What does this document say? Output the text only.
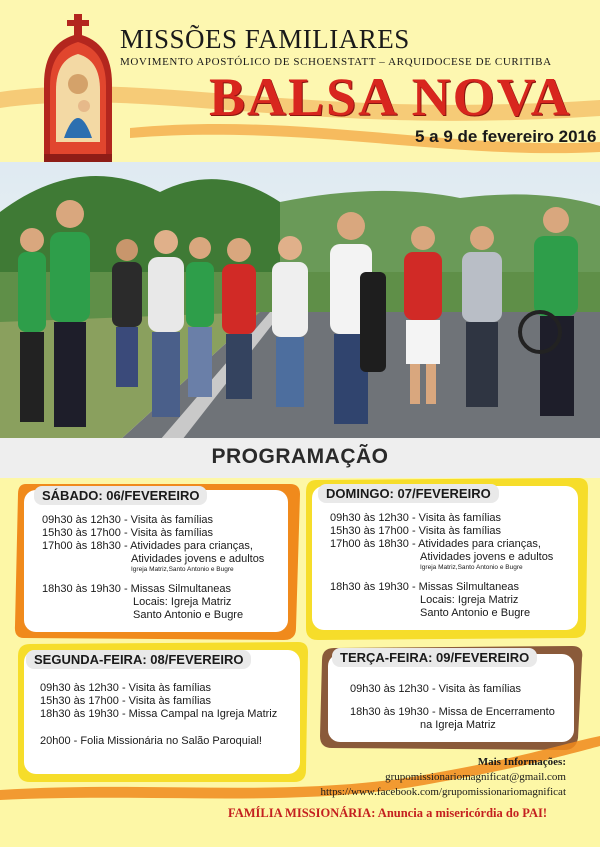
MISSÕES FAMILIARES
MOVIMENTO APOSTÓLICO DE SCHOENSTATT – ARQUIDOCESE DE CURITIBA
BALSA NOVA
5 a 9 de fevereiro 2016
PROGRAMAÇÃO
SÁBADO: 06/FEVEREIRO
09h30 às 12h30 - Visita às famílias
15h30 às 17h00 - Visita às famílias
17h00 às 18h30 - Atividades para crianças,
Atividades jovens e adultos
Igreja Matriz,Santo Antonio e Bugre
18h30 às 19h30 - Missas Silmultaneas
Locais: Igreja Matriz
Santo Antonio e Bugre
DOMINGO: 07/FEVEREIRO
09h30 às 12h30 - Visita às famílias
15h30 às 17h00 - Visita às famílias
17h00 às 18h30 - Atividades para crianças,
Atividades jovens e adultos
Igreja Matriz,Santo Antonio e Bugre
18h30 às 19h30 - Missas Silmultaneas
Locais: Igreja Matriz
Santo Antonio e Bugre
SEGUNDA-FEIRA: 08/FEVEREIRO
09h30 às 12h30 - Visita às famílias
15h30 às 17h00 - Visita às famílias
18h30 às 19h30 - Missa Campal na Igreja Matriz
20h00 - Folia Missionária no Salão Paroquial!
TERÇA-FEIRA: 09/FEVEREIRO
09h30 às 12h30 - Visita às famílias
18h30 às 19h30 - Missa de Encerramento
na Igreja Matriz
Mais Informações:
grupomissionariomagnificat@gmail.com
https://www.facebook.com/grupomissionariomagnificat
FAMÍLIA MISSIONÁRIA: Anuncia a misericórdia do PAI!
